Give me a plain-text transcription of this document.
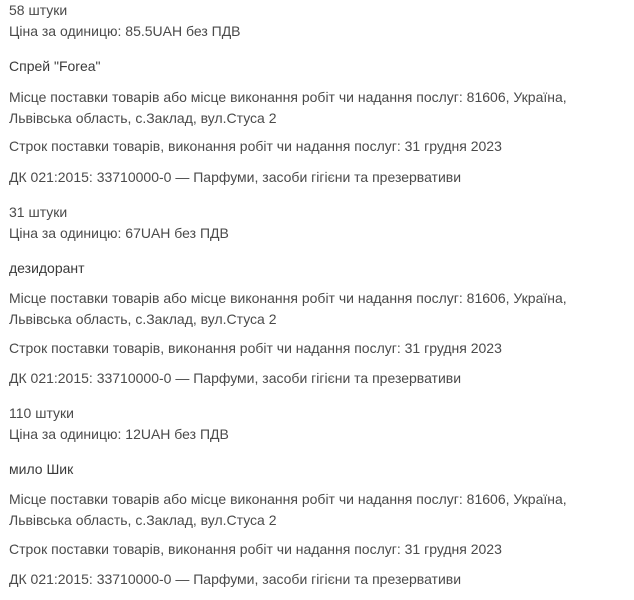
58 штуки
Ціна за одиницю: 85.5UAH без ПДВ
Спрей "Forea"
Місце поставки товарів або місце виконання робіт чи надання послуг: 81606, Україна,
Львівська область, с.Заклад, вул.Стуса 2
Строк поставки товарів, виконання робіт чи надання послуг: 31 грудня 2023
ДК 021:2015: 33710000-0 — Парфуми, засоби гігієни та презервативи
31 штуки
Ціна за одиницю: 67UAH без ПДВ
дезидорант
Місце поставки товарів або місце виконання робіт чи надання послуг: 81606, Україна,
Львівська область, с.Заклад, вул.Стуса 2
Строк поставки товарів, виконання робіт чи надання послуг: 31 грудня 2023
ДК 021:2015: 33710000-0 — Парфуми, засоби гігієни та презервативи
110 штуки
Ціна за одиницю: 12UAH без ПДВ
мило Шик
Місце поставки товарів або місце виконання робіт чи надання послуг: 81606, Україна,
Львівська область, с.Заклад, вул.Стуса 2
Строк поставки товарів, виконання робіт чи надання послуг: 31 грудня 2023
ДК 021:2015: 33710000-0 — Парфуми, засоби гігієни та презервативи
